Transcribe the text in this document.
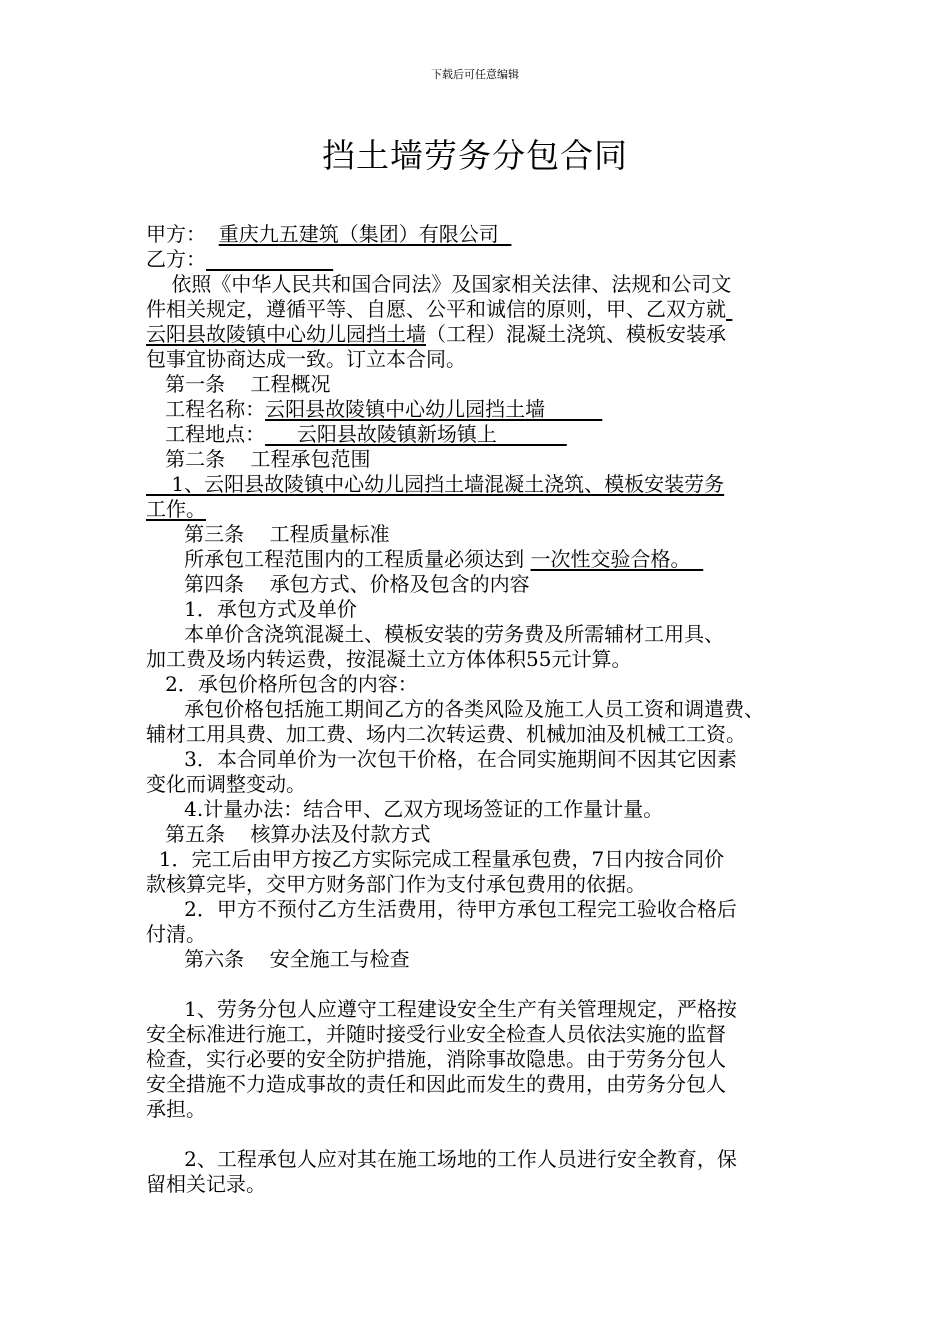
下载后可任意编辑
挡土墙劳务分包合同

甲方：  重庆九五建筑（集团）有限公司

乙方：

依照《中华人民共和国合同法》及国家相关法律、法规和公司文

件相关规定，遵循平等、自愿、公平和诚信的原则，甲、乙双方就

云阳县故陵镇中心幼儿园挡土墙（工程）混凝土浇筑、模板安装承

包事宜协商达成一致。订立本合同。

第一条    工程概况

工程名称：云阳县故陵镇中心幼儿园挡土墙

工程地点：     云阳县故陵镇新场镇上

第二条    工程承包范围

1、云阳县故陵镇中心幼儿园挡土墙混凝土浇筑、模板安装劳务

工作。

第三条    工程质量标准

所承包工程范围内的工程质量必须达到 一次性交验合格。

第四条    承包方式、价格及包含的内容

1．承包方式及单价

本单价含浇筑混凝土、模板安装的劳务费及所需辅材工用具、

加工费及场内转运费，按混凝土立方体体积55元计算。

2．承包价格所包含的内容：

承包价格包括施工期间乙方的各类风险及施工人员工资和调遣费、

辅材工用具费、加工费、场内二次转运费、机械加油及机械工工资。

3．本合同单价为一次包干价格，在合同实施期间不因其它因素

变化而调整变动。

4.计量办法：结合甲、乙双方现场签证的工作量计量。

第五条    核算办法及付款方式

1．完工后由甲方按乙方实际完成工程量承包费，7日内按合同价

款核算完毕，交甲方财务部门作为支付承包费用的依据。

2．甲方不预付乙方生活费用，待甲方承包工程完工验收合格后

付清。

第六条    安全施工与检查

1、劳务分包人应遵守工程建设安全生产有关管理规定，严格按

安全标准进行施工，并随时接受行业安全检查人员依法实施的监督

检查，实行必要的安全防护措施，消除事故隐患。由于劳务分包人

安全措施不力造成事故的责任和因此而发生的费用，由劳务分包人

承担。

2、工程承包人应对其在施工场地的工作人员进行安全教育，保

留相关记录。
